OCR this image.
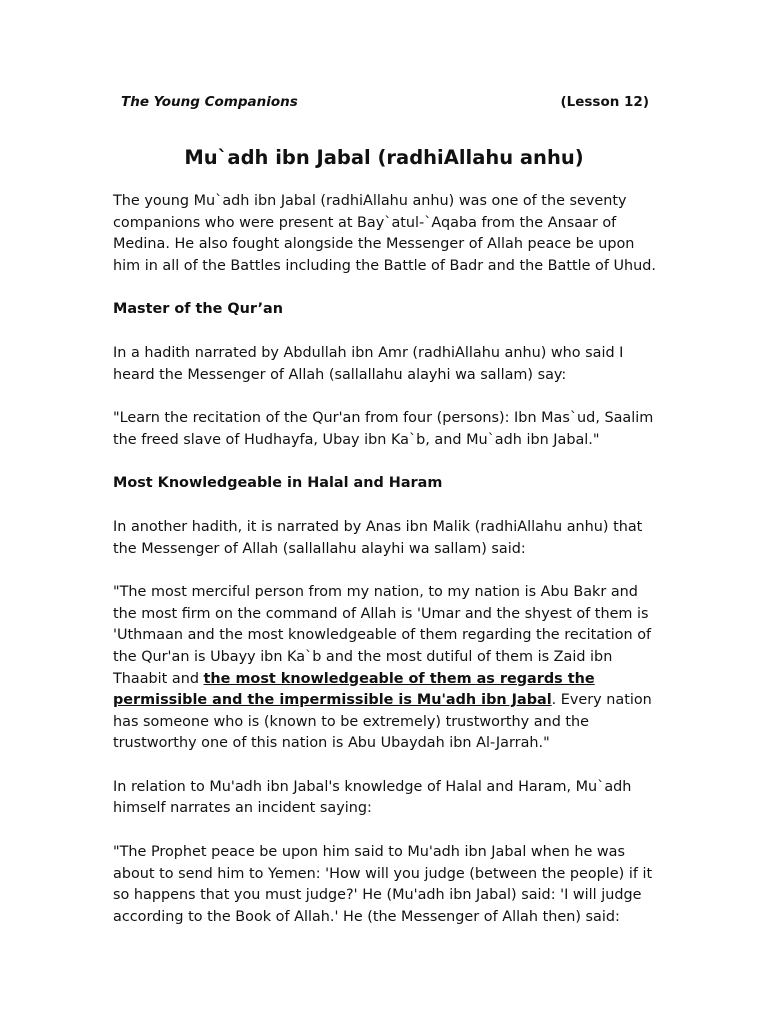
The Young Companions	(Lesson 12)
Mu`adh ibn Jabal (radhiAllahu anhu)

The young Mu`adh ibn Jabal (radhiAllahu anhu) was one of the seventy companions who were present at Bay`atul-`Aqaba from the Ansaar of Medina. He also fought alongside the Messenger of Allah peace be upon him in all of the Battles including the Battle of Badr and the Battle of Uhud.

Master of the Qur’an

In a hadith narrated by Abdullah ibn Amr (radhiAllahu anhu) who said I heard the Messenger of Allah (sallallahu alayhi wa sallam) say:

"Learn the recitation of the Qur'an from four (persons): Ibn Mas`ud, Saalim the freed slave of Hudhayfa, Ubay ibn Ka`b, and Mu`adh ibn Jabal."

Most Knowledgeable in Halal and Haram

In another hadith, it is narrated by Anas ibn Malik (radhiAllahu anhu) that the Messenger of Allah (sallallahu alayhi wa sallam) said:

"The most merciful person from my nation, to my nation is Abu Bakr and the most firm on the command of Allah is 'Umar and the shyest of them is 'Uthmaan and the most knowledgeable of them regarding the recitation of the Qur'an is Ubayy ibn Ka`b and the most dutiful of them is Zaid ibn Thaabit and the most knowledgeable of them as regards the permissible and the impermissible is Mu'adh ibn Jabal. Every nation has someone who is (known to be extremely) trustworthy and the trustworthy one of this nation is Abu Ubaydah ibn Al-Jarrah."

In relation to Mu'adh ibn Jabal's knowledge of Halal and Haram, Mu`adh himself narrates an incident saying:

"The Prophet peace be upon him said to Mu'adh ibn Jabal when he was about to send him to Yemen: 'How will you judge (between the people) if it so happens that you must judge?' He (Mu'adh ibn Jabal) said: 'I will judge according to the Book of Allah.' He (the Messenger of Allah then) said:
